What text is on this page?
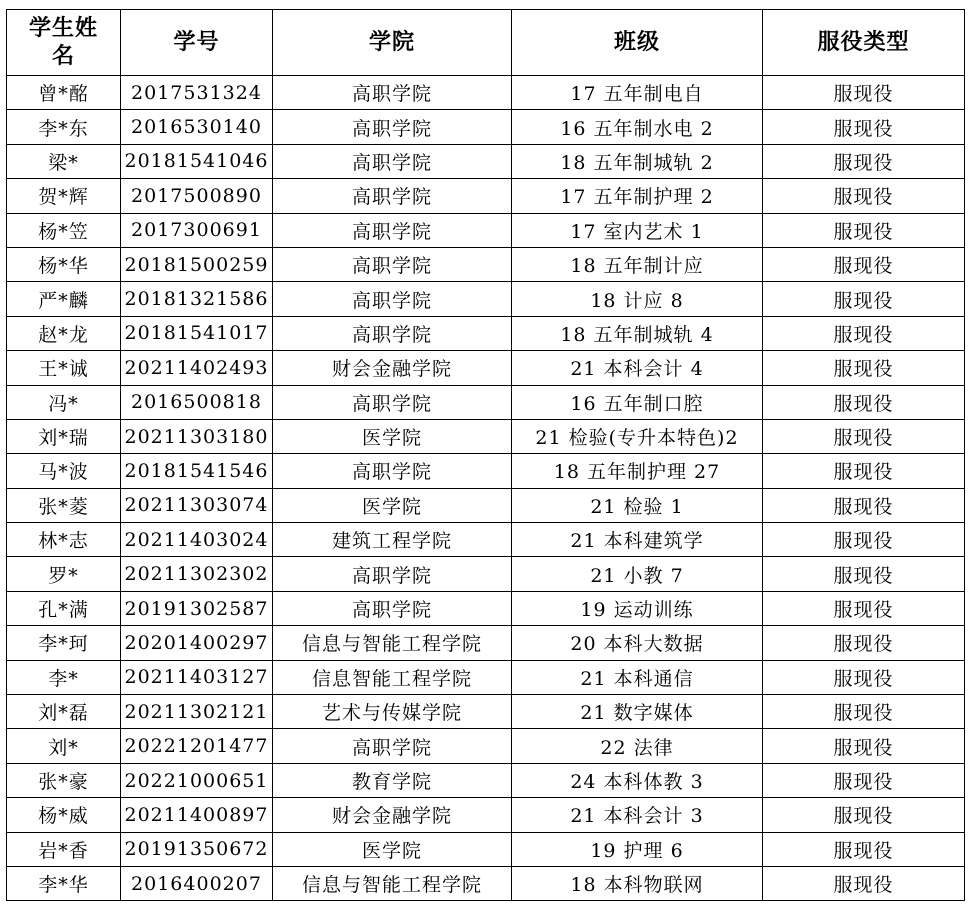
学生姓名	学号	学院	班级	服役类型
曾*酩	2017531324	高职学院	17 五年制电自	服现役
李*东	2016530140	高职学院	16 五年制水电 2	服现役
梁*	20181541046	高职学院	18 五年制城轨 2	服现役
贺*辉	2017500890	高职学院	17 五年制护理 2	服现役
杨*笠	2017300691	高职学院	17 室内艺术 1	服现役
杨*华	20181500259	高职学院	18 五年制计应	服现役
严*麟	20181321586	高职学院	18 计应 8	服现役
赵*龙	20181541017	高职学院	18 五年制城轨 4	服现役
王*诚	20211402493	财会金融学院	21 本科会计 4	服现役
冯*	2016500818	高职学院	16 五年制口腔	服现役
刘*瑞	20211303180	医学院	21 检验(专升本特色)2	服现役
马*波	20181541546	高职学院	18 五年制护理 27	服现役
张*菱	20211303074	医学院	21 检验 1	服现役
林*志	20211403024	建筑工程学院	21 本科建筑学	服现役
罗*	20211302302	高职学院	21 小教 7	服现役
孔*满	20191302587	高职学院	19 运动训练	服现役
李*珂	20201400297	信息与智能工程学院	20 本科大数据	服现役
李*	20211403127	信息智能工程学院	21 本科通信	服现役
刘*磊	20211302121	艺术与传媒学院	21 数字媒体	服现役
刘*	20221201477	高职学院	22 法律	服现役
张*豪	20221000651	教育学院	24 本科体教 3	服现役
杨*威	20211400897	财会金融学院	21 本科会计 3	服现役
岩*香	20191350672	医学院	19 护理 6	服现役
李*华	2016400207	信息与智能工程学院	18 本科物联网	服现役
